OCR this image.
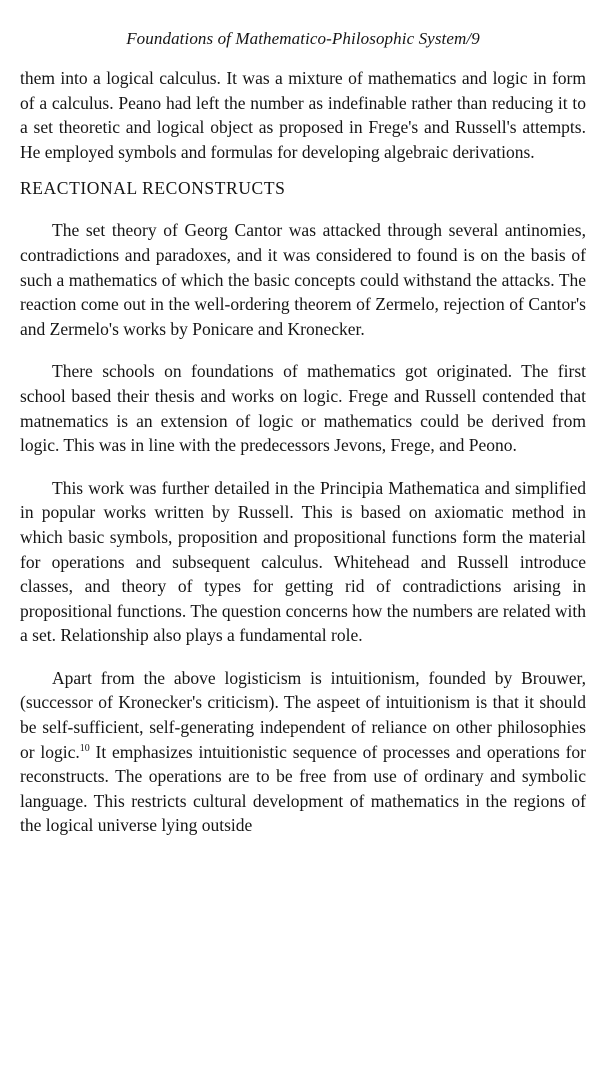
Foundations of Mathematico-Philosophic System/9

them into a logical calculus. It was a mixture of mathematics and logic in form of a calculus. Peano had left the number as indefinable rather than reducing it to a set theoretic and logical object as proposed in Frege's and Russell's attempts. He employed symbols and formulas for developing algebraic derivations.

REACTIONAL RECONSTRUCTS

The set theory of Georg Cantor was attacked through several antinomies, contradictions and paradoxes, and it was considered to found is on the basis of such a mathematics of which the basic concepts could withstand the attacks. The reaction come out in the well-ordering theorem of Zermelo, rejection of Cantor's and Zermelo's works by Ponicare and Kronecker.

There schools on foundations of mathematics got originated. The first school based their thesis and works on logic. Frege and Russell contended that matnematics is an extension of logic or mathematics could be derived from logic. This was in line with the predecessors Jevons, Frege, and Peono.

This work was further detailed in the Principia Mathematica and simplified in popular works written by Russell. This is based on axiomatic method in which basic symbols, proposition and propositional functions form the material for operations and subsequent calculus. Whitehead and Russell introduce classes, and theory of types for getting rid of contradictions arising in propositional functions. The question concerns how the numbers are related with a set. Relationship also plays a fundamental role.

Apart from the above logisticism is intuitionism, founded by Brouwer, (successor of Kronecker's criticism). The aspeet of intuitionism is that it should be self-sufficient, self-generating independent of reliance on other philosophies or logic.$^{10}$ It emphasizes intuitionistic sequence of processes and operations for reconstructs. The operations are to be free from use of ordinary and symbolic language. This restricts cultural development of mathematics in the regions of the logical universe lying outside
